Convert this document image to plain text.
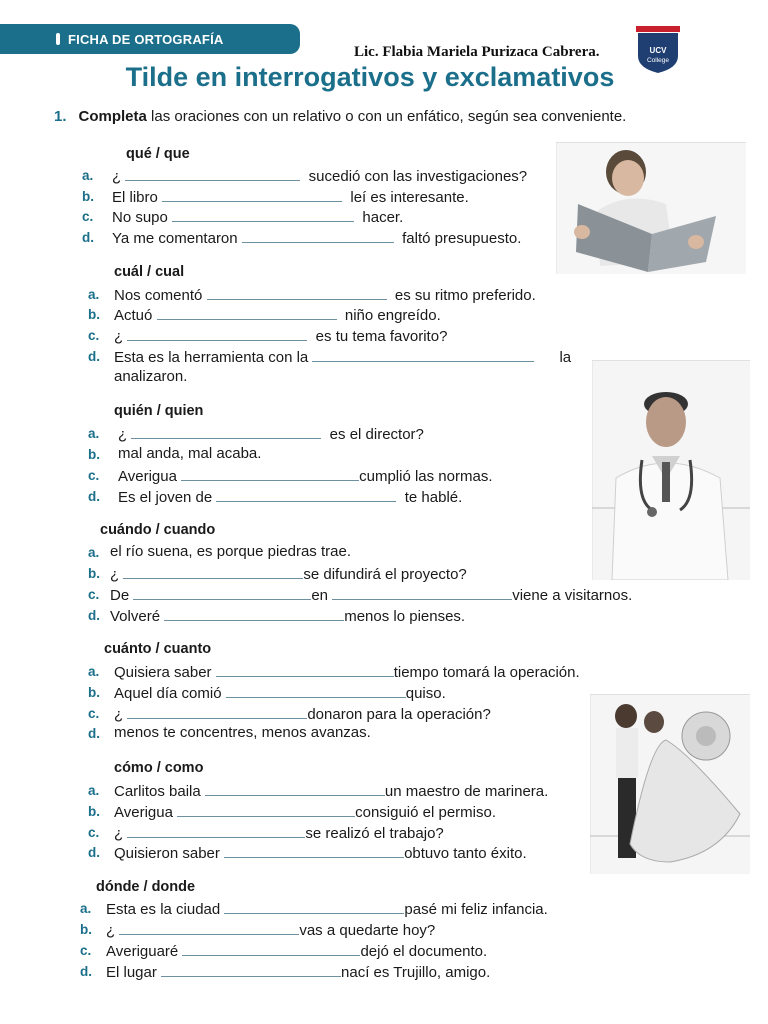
FICHA DE ORTOGRAFÍA
Lic. Flabia Mariela Purizaca Cabrera.	UCV
College
Tilde en interrogativos y exclamativos
1. Completa las oraciones con un relativo o con un enfático, según sea conveniente.
qué / que
a. ¿	sucedió con las investigaciones?
b. El libro	leí es interesante.
c. No supo	hacer.
d. Ya me comentaron	faltó presupuesto.
cuál / cual
a. Nos comentó	es su ritmo preferido.
b. Actuó	niño engreído.
c. ¿	es tu tema favorito?
d. Esta es la herramienta con la	la
analizaron.
quién / quien
a. ¿	es el director?
b. mal anda, mal acaba.
c. Averigua	cumplió las normas.
d. Es el joven de	te hablé.
cuándo / cuando
a. el río suena, es porque piedras trae.
b. ¿	se difundirá el proyecto?
c. De	en	viene a visitarnos.
d. Volveré	menos lo pienses.
cuánto / cuanto
a. Quisiera saber	tiempo tomará la operación.
b. Aquel día comió	quiso.
c. ¿	donaron para la operación?
d. menos te concentres, menos avanzas.
cómo / como
a. Carlitos baila	un maestro de marinera.
b. Averigua	consiguió el permiso.
c. ¿	se realizó el trabajo?
d. Quisieron saber	obtuvo tanto éxito.
dónde / donde
a. Esta es la ciudad	pasé mi feliz infancia.
b. ¿	vas a quedarte hoy?
c. Averiguaré	dejó el documento.
d. El lugar	nací es Trujillo, amigo.
